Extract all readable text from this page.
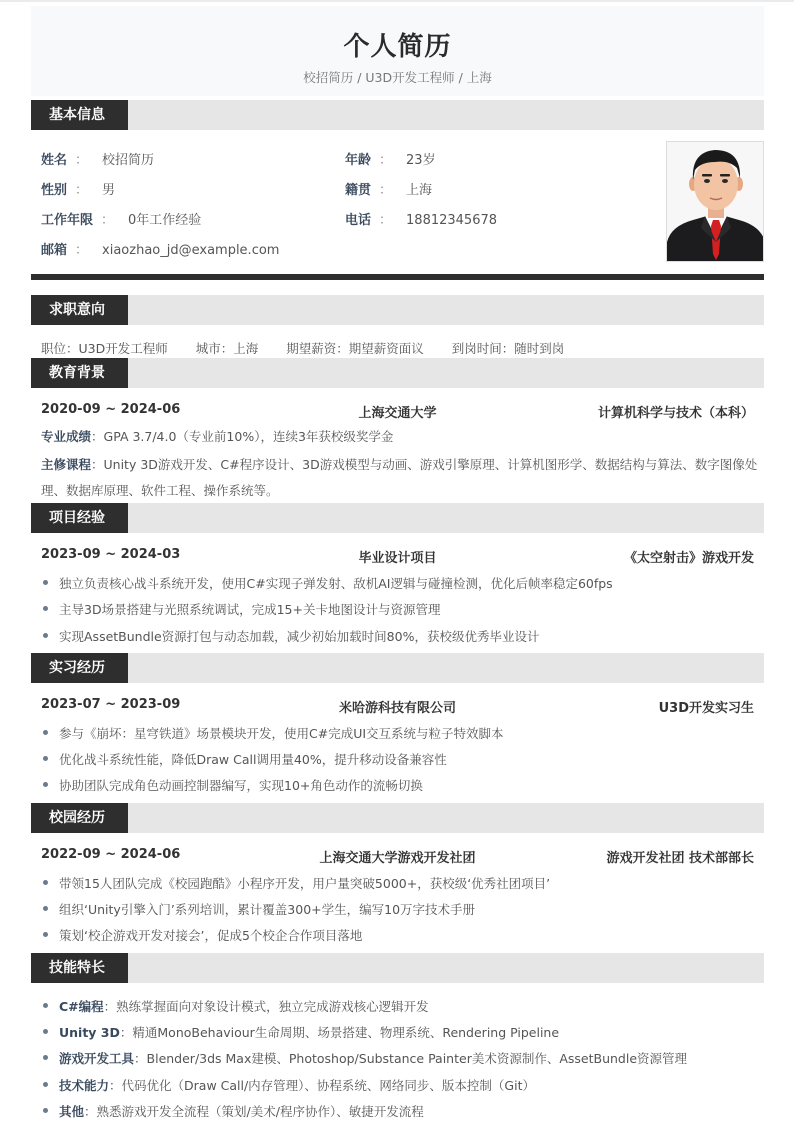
个人简历
校招简历 / U3D开发工程师 / 上海
基本信息
姓名 ： 校招简历	年龄 ： 23岁
性别 ： 男	籍贯 ： 上海
工作年限 ： 0年工作经验	电话 ： 18812345678
邮箱 ： xiaozhao_jd@example.com
求职意向
职位：U3D开发工程师 城市：上海 期望薪资：期望薪资面议 到岗时间：随时到岗
教育背景
2020-09 ~ 2024-06	上海交通大学	计算机科学与技术（本科）
专业成绩：GPA 3.7/4.0（专业前10%），连续3年获校级奖学金
主修课程：Unity 3D游戏开发、C#程序设计、3D游戏模型与动画、游戏引擎原理、计算机图形学、数据结构与算法、数字图像处理、数据库原理、软件工程、操作系统等。
项目经验
2023-09 ~ 2024-03	毕业设计项目	《太空射击》游戏开发
独立负责核心战斗系统开发，使用C#实现子弹发射、敌机AI逻辑与碰撞检测，优化后帧率稳定60fps
主导3D场景搭建与光照系统调试，完成15+关卡地图设计与资源管理
实现AssetBundle资源打包与动态加载，减少初始加载时间80%，获校级优秀毕业设计
实习经历
2023-07 ~ 2023-09	米哈游科技有限公司	U3D开发实习生
参与《崩坏：星穹铁道》场景模块开发，使用C#完成UI交互系统与粒子特效脚本
优化战斗系统性能，降低Draw Call调用量40%，提升移动设备兼容性
协助团队完成角色动画控制器编写，实现10+角色动作的流畅切换
校园经历
2022-09 ~ 2024-06	上海交通大学游戏开发社团	游戏开发社团 技术部部长
带领15人团队完成《校园跑酷》小程序开发，用户量突破5000+，获校级‘优秀社团项目’
组织‘Unity引擎入门’系列培训，累计覆盖300+学生，编写10万字技术手册
策划‘校企游戏开发对接会’，促成5个校企合作项目落地
技能特长
C#编程：熟练掌握面向对象设计模式，独立完成游戏核心逻辑开发
Unity 3D：精通MonoBehaviour生命周期、场景搭建、物理系统、Rendering Pipeline
游戏开发工具：Blender/3ds Max建模、Photoshop/Substance Painter美术资源制作、AssetBundle资源管理
技术能力：代码优化（Draw Call/内存管理）、协程系统、网络同步、版本控制（Git）
其他：熟悉游戏开发全流程（策划/美术/程序协作）、敏捷开发流程
